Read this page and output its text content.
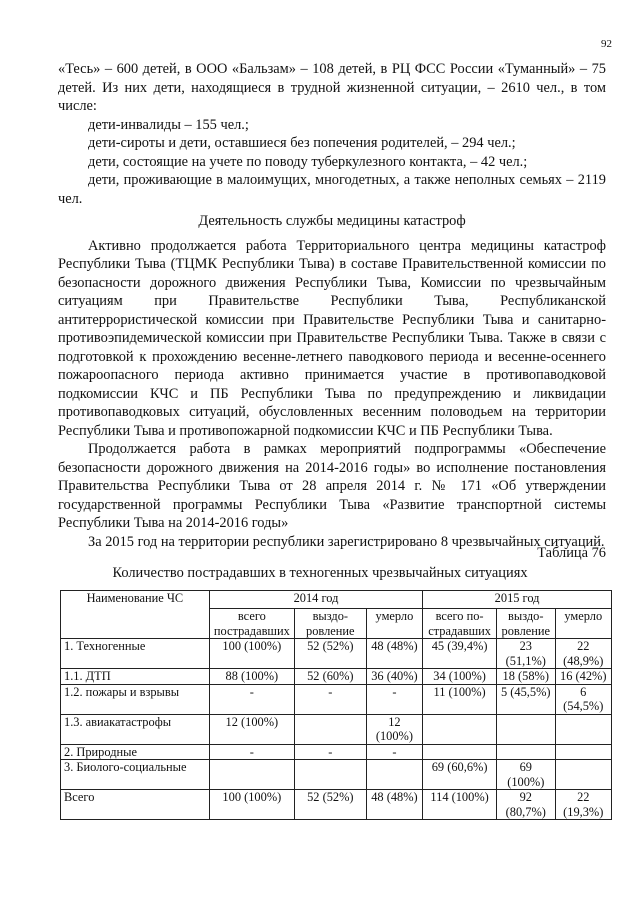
92

«Тесь» – 600 детей, в ООО «Бальзам» – 108 детей, в РЦ ФСС России «Туманный» – 75 детей. Из них дети, находящиеся в трудной жизненной ситуации, – 2610 чел., в том числе:

дети-инвалиды – 155 чел.;

дети-сироты и дети, оставшиеся без попечения родителей, – 294 чел.;

дети, состоящие на учете по поводу туберкулезного контакта, – 42 чел.;

дети, проживающие в малоимущих, многодетных, а также неполных семьях – 2119 чел.

Деятельность службы медицины катастроф

Активно продолжается работа Территориального центра медицины катастроф Республики Тыва (ТЦМК Республики Тыва) в составе Правительственной комиссии по безопасности дорожного движения Республики Тыва, Комиссии по чрезвычайным ситуациям при Правительстве Республики Тыва, Республиканской антитеррористической комиссии при Правительстве Республики Тыва и санитарно-противоэпидемической комиссии при Правительстве Республики Тыва. Также в связи с подготовкой к прохождению весенне-летнего паводкового периода и весенне-осеннего пожароопасного периода активно принимается участие в противопаводковой подкомиссии КЧС и ПБ Республики Тыва по предупреждению и ликвидации противопаводковых ситуаций, обусловленных весенним половодьем на территории Республики Тыва и противопожарной подкомиссии КЧС и ПБ Республики Тыва.

Продолжается работа в рамках мероприятий подпрограммы «Обеспечение безопасности дорожного движения на 2014-2016 годы» во исполнение постановления Правительства Республики Тыва от 28 апреля 2014 г. № 171 «Об утверждении государственной программы Республики Тыва «Развитие транспортной системы Республики Тыва на 2014-2016 годы»

За 2015 год на территории республики зарегистрировано 8 чрезвычайных ситуаций.

Таблица 76
Количество пострадавших в техногенных чрезвычайных ситуациях
Наименование ЧС	2014 год			2015 год		
	всего пострадавших	выздо-ровление	умерло	всего по-страдавших	выздо-ровление	умерло
1. Техногенные	100 (100%)	52 (52%)	48 (48%)	45 (39,4%)	23 (51,1%)	22 (48,9%)
1.1. ДТП	88 (100%)	52 (60%)	36 (40%)	34 (100%)	18 (58%)	16 (42%)
1.2. пожары и взрывы	-	-	-	11 (100%)	5 (45,5%)	6 (54,5%)
1.3. авиакатастрофы	12 (100%)		12 (100%)			
2. Природные	-	-	-			
3. Биолого-социальные				69 (60,6%)	69 (100%)	
Всего	100 (100%)	52 (52%)	48 (48%)	114 (100%)	92 (80,7%)	22 (19,3%)
